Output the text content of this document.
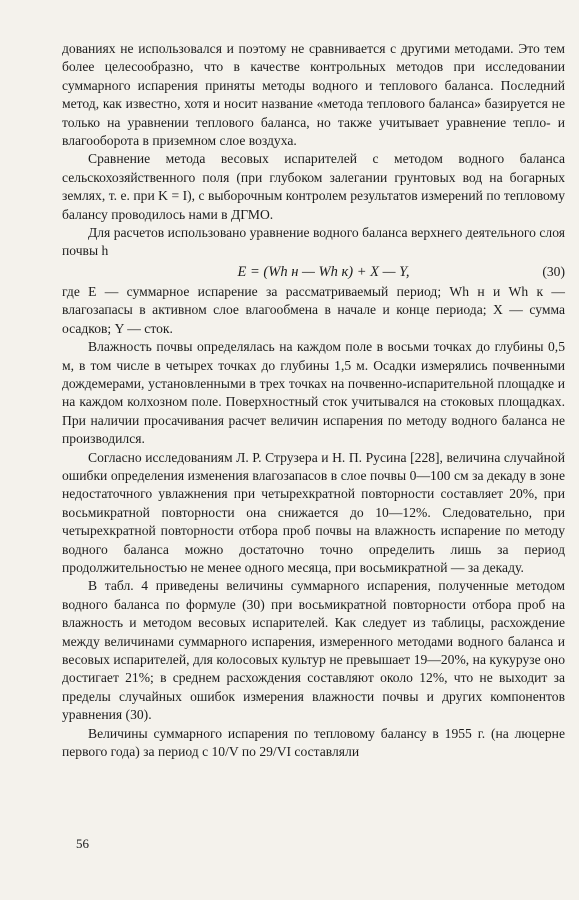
дованиях не использовался и поэтому не сравнивается с другими методами. Это тем более целесообразно, что в качестве контрольных методов при исследовании суммарного испарения приняты методы водного и теплового баланса. Последний метод, как известно, хотя и носит название «метода теплового баланса» базируется не только на уравнении теплового баланса, но также учитывает уравнение тепло- и влагооборота в приземном слое воздуха.

Сравнение метода весовых испарителей с методом водного баланса сельскохозяйственного поля (при глубоком залегании грунтовых вод на богарных землях, т. е. при K = I), с выборочным контролем результатов измерений по тепловому балансу проводилось нами в ДГМО.

Для расчетов использовано уравнение водного баланса верхнего деятельного слоя почвы h

E = (Wh н — Wh к) + X — Y,	(30)

где E — суммарное испарение за рассматриваемый период; Wh н и Wh к — влагозапасы в активном слое влагообмена в начале и конце периода; X — сумма осадков; Y — сток.

Влажность почвы определялась на каждом поле в восьми точках до глубины 0,5 м, в том числе в четырех точках до глубины 1,5 м. Осадки измерялись почвенными дождемерами, установленными в трех точках на почвенно-испарительной площадке и на каждом колхозном поле. Поверхностный сток учитывался на стоковых площадках. При наличии просачивания расчет величин испарения по методу водного баланса не производился.

Согласно исследованиям Л. Р. Струзера и Н. П. Русина [228], величина случайной ошибки определения изменения влагозапасов в слое почвы 0—100 см за декаду в зоне недостаточного увлажнения при четырехкратной повторности составляет 20%, при восьмикратной повторности она снижается до 10—12%. Следовательно, при четырехкратной повторности отбора проб почвы на влажность испарение по методу водного баланса можно достаточно точно определить лишь за период продолжительностью не менее одного месяца, при восьмикратной — за декаду.

В табл. 4 приведены величины суммарного испарения, полученные методом водного баланса по формуле (30) при восьмикратной повторности отбора проб на влажность и методом весовых испарителей. Как следует из таблицы, расхождение между величинами суммарного испарения, измеренного методами водного баланса и весовых испарителей, для колосовых культур не превышает 19—20%, на кукурузе оно достигает 21%; в среднем расхождения составляют около 12%, что не выходит за пределы случайных ошибок измерения влажности почвы и других компонентов уравнения (30).

Величины суммарного испарения по тепловому балансу в 1955 г. (на люцерне первого года) за период с 10/V по 29/VI составляли

56
